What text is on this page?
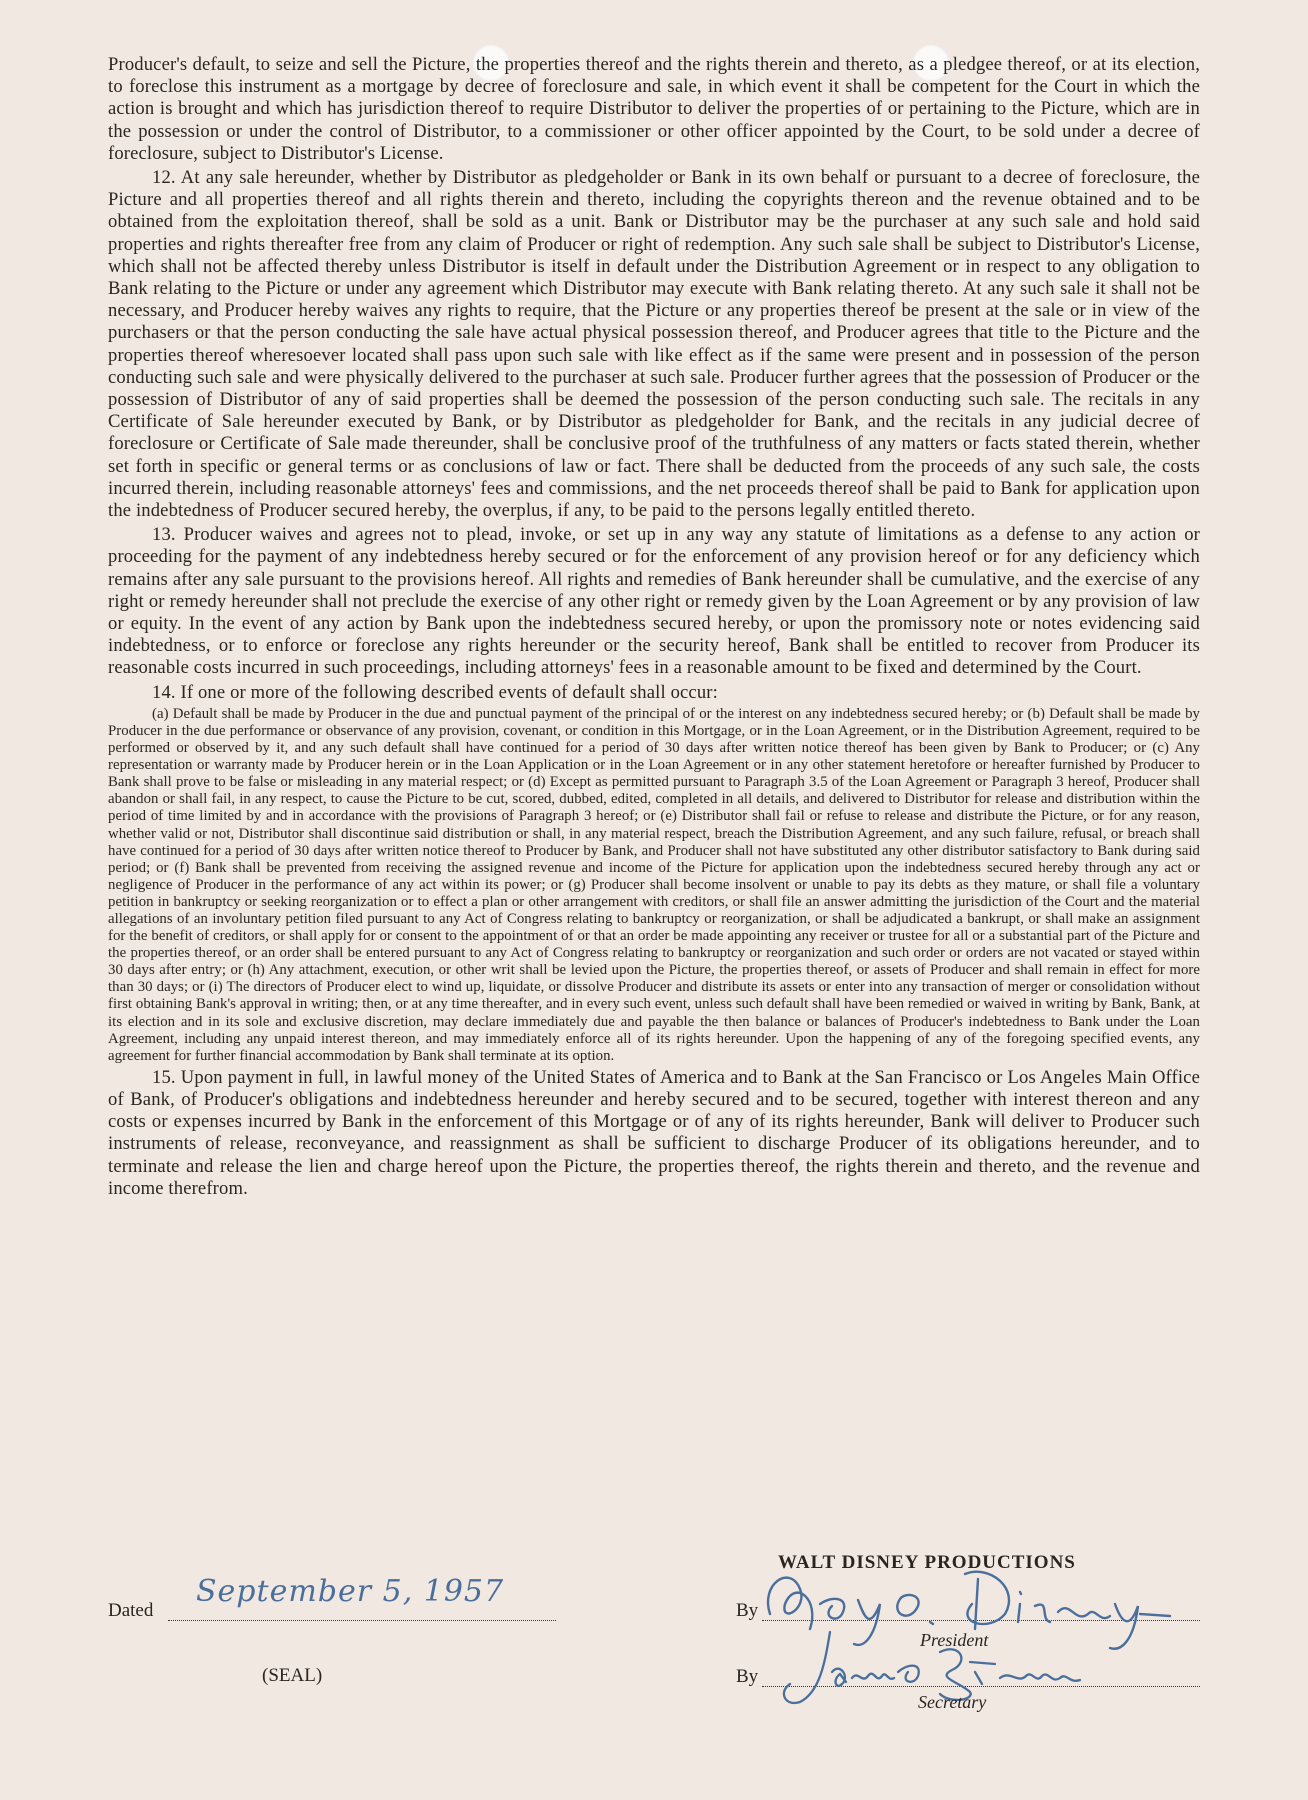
Producer's default, to seize and sell the Picture, the properties thereof and the rights therein and thereto, as a pledgee thereof, or at its election, to foreclose this instrument as a mortgage by decree of foreclosure and sale, in which event it shall be competent for the Court in which the action is brought and which has jurisdiction thereof to require Distributor to deliver the properties of or pertaining to the Picture, which are in the possession or under the control of Distributor, to a commissioner or other officer appointed by the Court, to be sold under a decree of foreclosure, subject to Distributor's License.

12. At any sale hereunder, whether by Distributor as pledgeholder or Bank in its own behalf or pursuant to a decree of foreclosure, the Picture and all properties thereof and all rights therein and thereto, including the copyrights thereon and the revenue obtained and to be obtained from the exploitation thereof, shall be sold as a unit. Bank or Distributor may be the purchaser at any such sale and hold said properties and rights thereafter free from any claim of Producer or right of redemption. Any such sale shall be subject to Distributor's License, which shall not be affected thereby unless Distributor is itself in default under the Distribution Agreement or in respect to any obligation to Bank relating to the Picture or under any agreement which Distributor may execute with Bank relating thereto. At any such sale it shall not be necessary, and Producer hereby waives any rights to require, that the Picture or any properties thereof be present at the sale or in view of the purchasers or that the person conducting the sale have actual physical possession thereof, and Producer agrees that title to the Picture and the properties thereof wheresoever located shall pass upon such sale with like effect as if the same were present and in possession of the person conducting such sale and were physically delivered to the purchaser at such sale. Producer further agrees that the possession of Producer or the possession of Distributor of any of said properties shall be deemed the possession of the person conducting such sale. The recitals in any Certificate of Sale hereunder executed by Bank, or by Distributor as pledgeholder for Bank, and the recitals in any judicial decree of foreclosure or Certificate of Sale made thereunder, shall be conclusive proof of the truthfulness of any matters or facts stated therein, whether set forth in specific or general terms or as conclusions of law or fact. There shall be deducted from the proceeds of any such sale, the costs incurred therein, including reasonable attorneys' fees and commissions, and the net proceeds thereof shall be paid to Bank for application upon the indebtedness of Producer secured hereby, the overplus, if any, to be paid to the persons legally entitled thereto.

13. Producer waives and agrees not to plead, invoke, or set up in any way any statute of limitations as a defense to any action or proceeding for the payment of any indebtedness hereby secured or for the enforcement of any provision hereof or for any deficiency which remains after any sale pursuant to the provisions hereof. All rights and remedies of Bank hereunder shall be cumulative, and the exercise of any right or remedy hereunder shall not preclude the exercise of any other right or remedy given by the Loan Agreement or by any provision of law or equity. In the event of any action by Bank upon the indebtedness secured hereby, or upon the promissory note or notes evidencing said indebtedness, or to enforce or foreclose any rights hereunder or the security hereof, Bank shall be entitled to recover from Producer its reasonable costs incurred in such proceedings, including attorneys' fees in a reasonable amount to be fixed and determined by the Court.

14. If one or more of the following described events of default shall occur:

(a) Default shall be made by Producer in the due and punctual payment of the principal of or the interest on any indebtedness secured hereby; or (b) Default shall be made by Producer in the due performance or observance of any provision, covenant, or condition in this Mortgage, or in the Loan Agreement, or in the Distribution Agreement, required to be performed or observed by it, and any such default shall have continued for a period of 30 days after written notice thereof has been given by Bank to Producer; or (c) Any representation or warranty made by Producer herein or in the Loan Application or in the Loan Agreement or in any other statement heretofore or hereafter furnished by Producer to Bank shall prove to be false or misleading in any material respect; or (d) Except as permitted pursuant to Paragraph 3.5 of the Loan Agreement or Paragraph 3 hereof, Producer shall abandon or shall fail, in any respect, to cause the Picture to be cut, scored, dubbed, edited, completed in all details, and delivered to Distributor for release and distribution within the period of time limited by and in accordance with the provisions of Paragraph 3 hereof; or (e) Distributor shall fail or refuse to release and distribute the Picture, or for any reason, whether valid or not, Distributor shall discontinue said distribution or shall, in any material respect, breach the Distribution Agreement, and any such failure, refusal, or breach shall have continued for a period of 30 days after written notice thereof to Producer by Bank, and Producer shall not have substituted any other distributor satisfactory to Bank during said period; or (f) Bank shall be prevented from receiving the assigned revenue and income of the Picture for application upon the indebtedness secured hereby through any act or negligence of Producer in the performance of any act within its power; or (g) Producer shall become insolvent or unable to pay its debts as they mature, or shall file a voluntary petition in bankruptcy or seeking reorganization or to effect a plan or other arrangement with creditors, or shall file an answer admitting the jurisdiction of the Court and the material allegations of an involuntary petition filed pursuant to any Act of Congress relating to bankruptcy or reorganization, or shall be adjudicated a bankrupt, or shall make an assignment for the benefit of creditors, or shall apply for or consent to the appointment of or that an order be made appointing any receiver or trustee for all or a substantial part of the Picture and the properties thereof, or an order shall be entered pursuant to any Act of Congress relating to bankruptcy or reorganization and such order or orders are not vacated or stayed within 30 days after entry; or (h) Any attachment, execution, or other writ shall be levied upon the Picture, the properties thereof, or assets of Producer and shall remain in effect for more than 30 days; or (i) The directors of Producer elect to wind up, liquidate, or dissolve Producer and distribute its assets or enter into any transaction of merger or consolidation without first obtaining Bank's approval in writing; then, or at any time thereafter, and in every such event, unless such default shall have been remedied or waived in writing by Bank, Bank, at its election and in its sole and exclusive discretion, may declare immediately due and payable the then balance or balances of Producer's indebtedness to Bank under the Loan Agreement, including any unpaid interest thereon, and may immediately enforce all of its rights hereunder. Upon the happening of any of the foregoing specified events, any agreement for further financial accommodation by Bank shall terminate at its option.

15. Upon payment in full, in lawful money of the United States of America and to Bank at the San Francisco or Los Angeles Main Office of Bank, of Producer's obligations and indebtedness hereunder and hereby secured and to be secured, together with interest thereon and any costs or expenses incurred by Bank in the enforcement of this Mortgage or of any of its rights hereunder, Bank will deliver to Producer such instruments of release, reconveyance, and reassignment as shall be sufficient to discharge Producer of its obligations hereunder, and to terminate and release the lien and charge hereof upon the Picture, the properties thereof, the rights therein and thereto, and the revenue and income therefrom.

WALT DISNEY PRODUCTIONS
Dated
September 5, 1957
By
President
By
Secretary
(SEAL)
